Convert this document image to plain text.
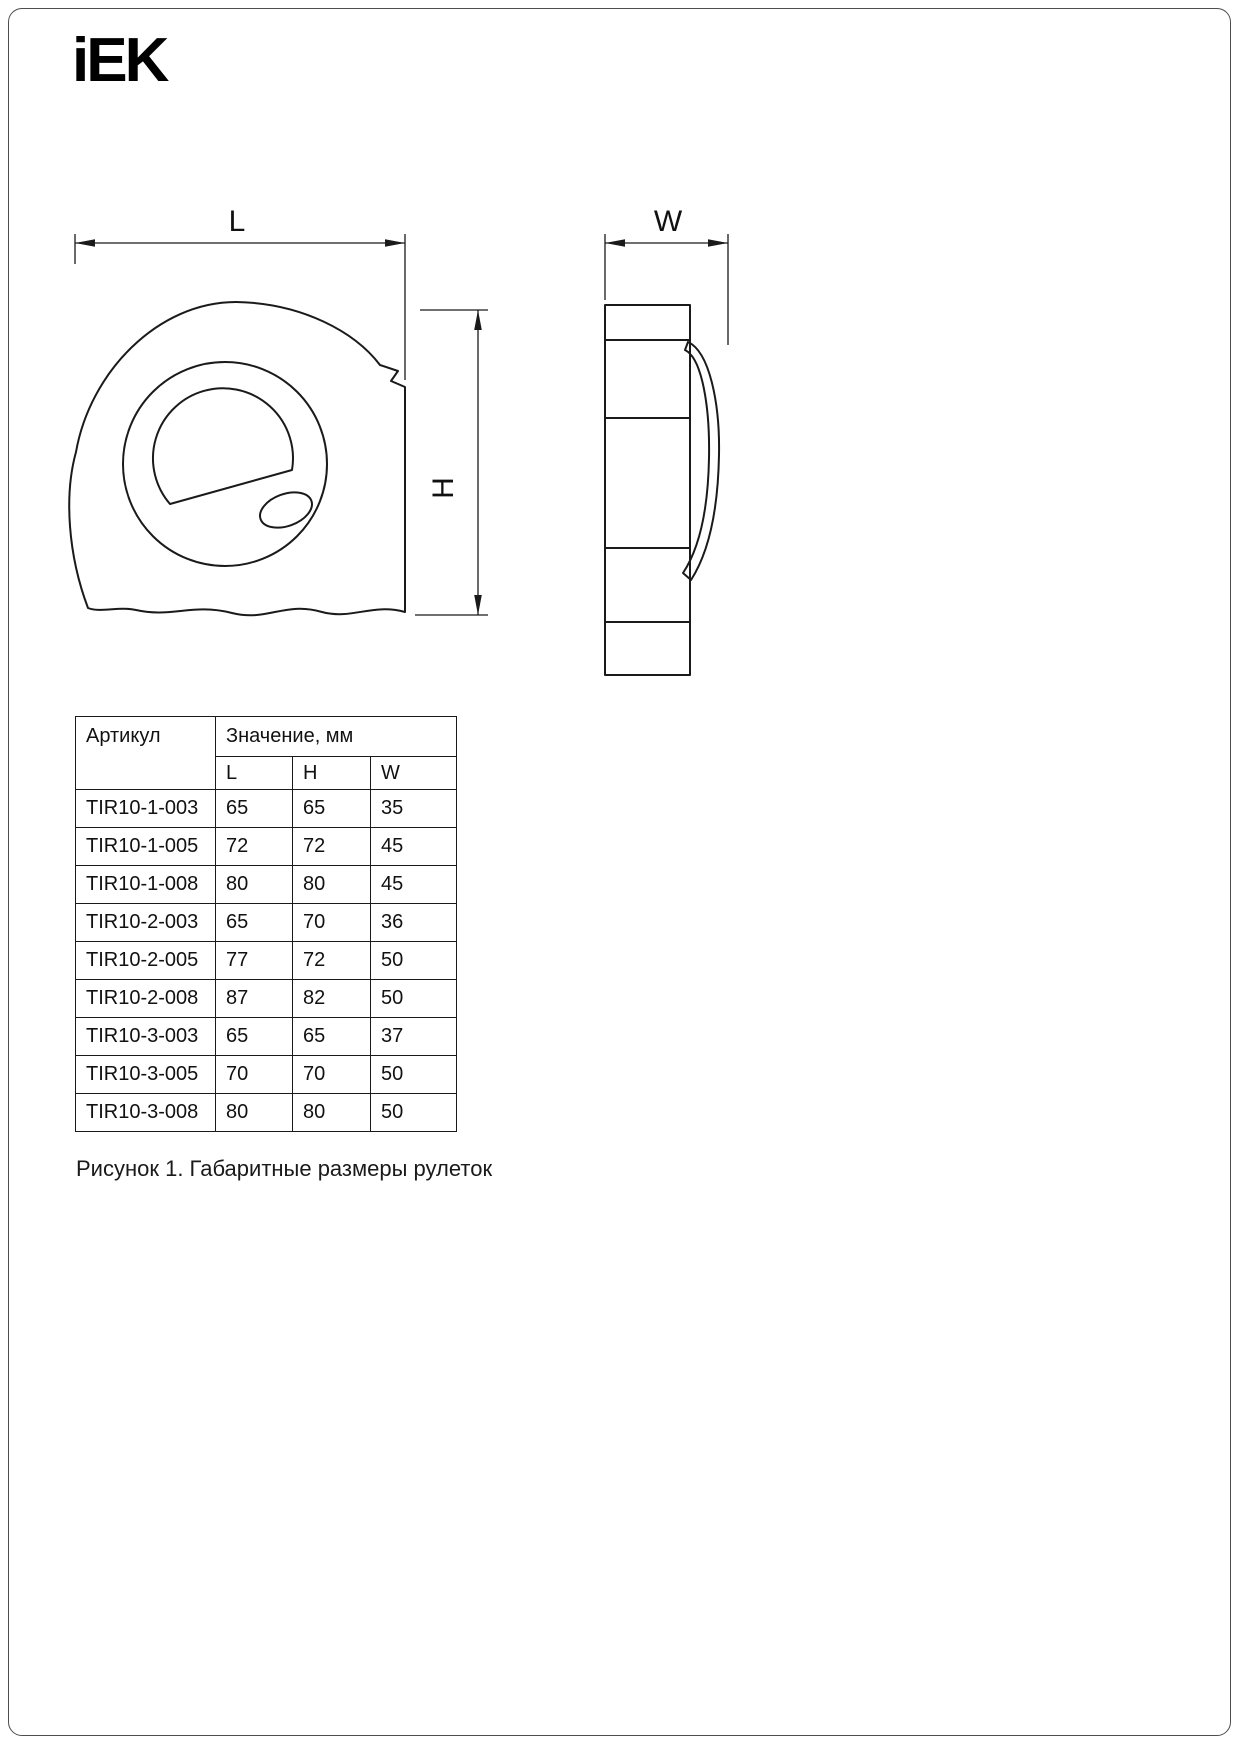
iEK
L
H
W
Артикул	Значение, мм		
	L	H	W
TIR10-1-003	65	65	35
TIR10-1-005	72	72	45
TIR10-1-008	80	80	45
TIR10-2-003	65	70	36
TIR10-2-005	77	72	50
TIR10-2-008	87	82	50
TIR10-3-003	65	65	37
TIR10-3-005	70	70	50
TIR10-3-008	80	80	50
Рисунок 1. Габаритные размеры рулеток
